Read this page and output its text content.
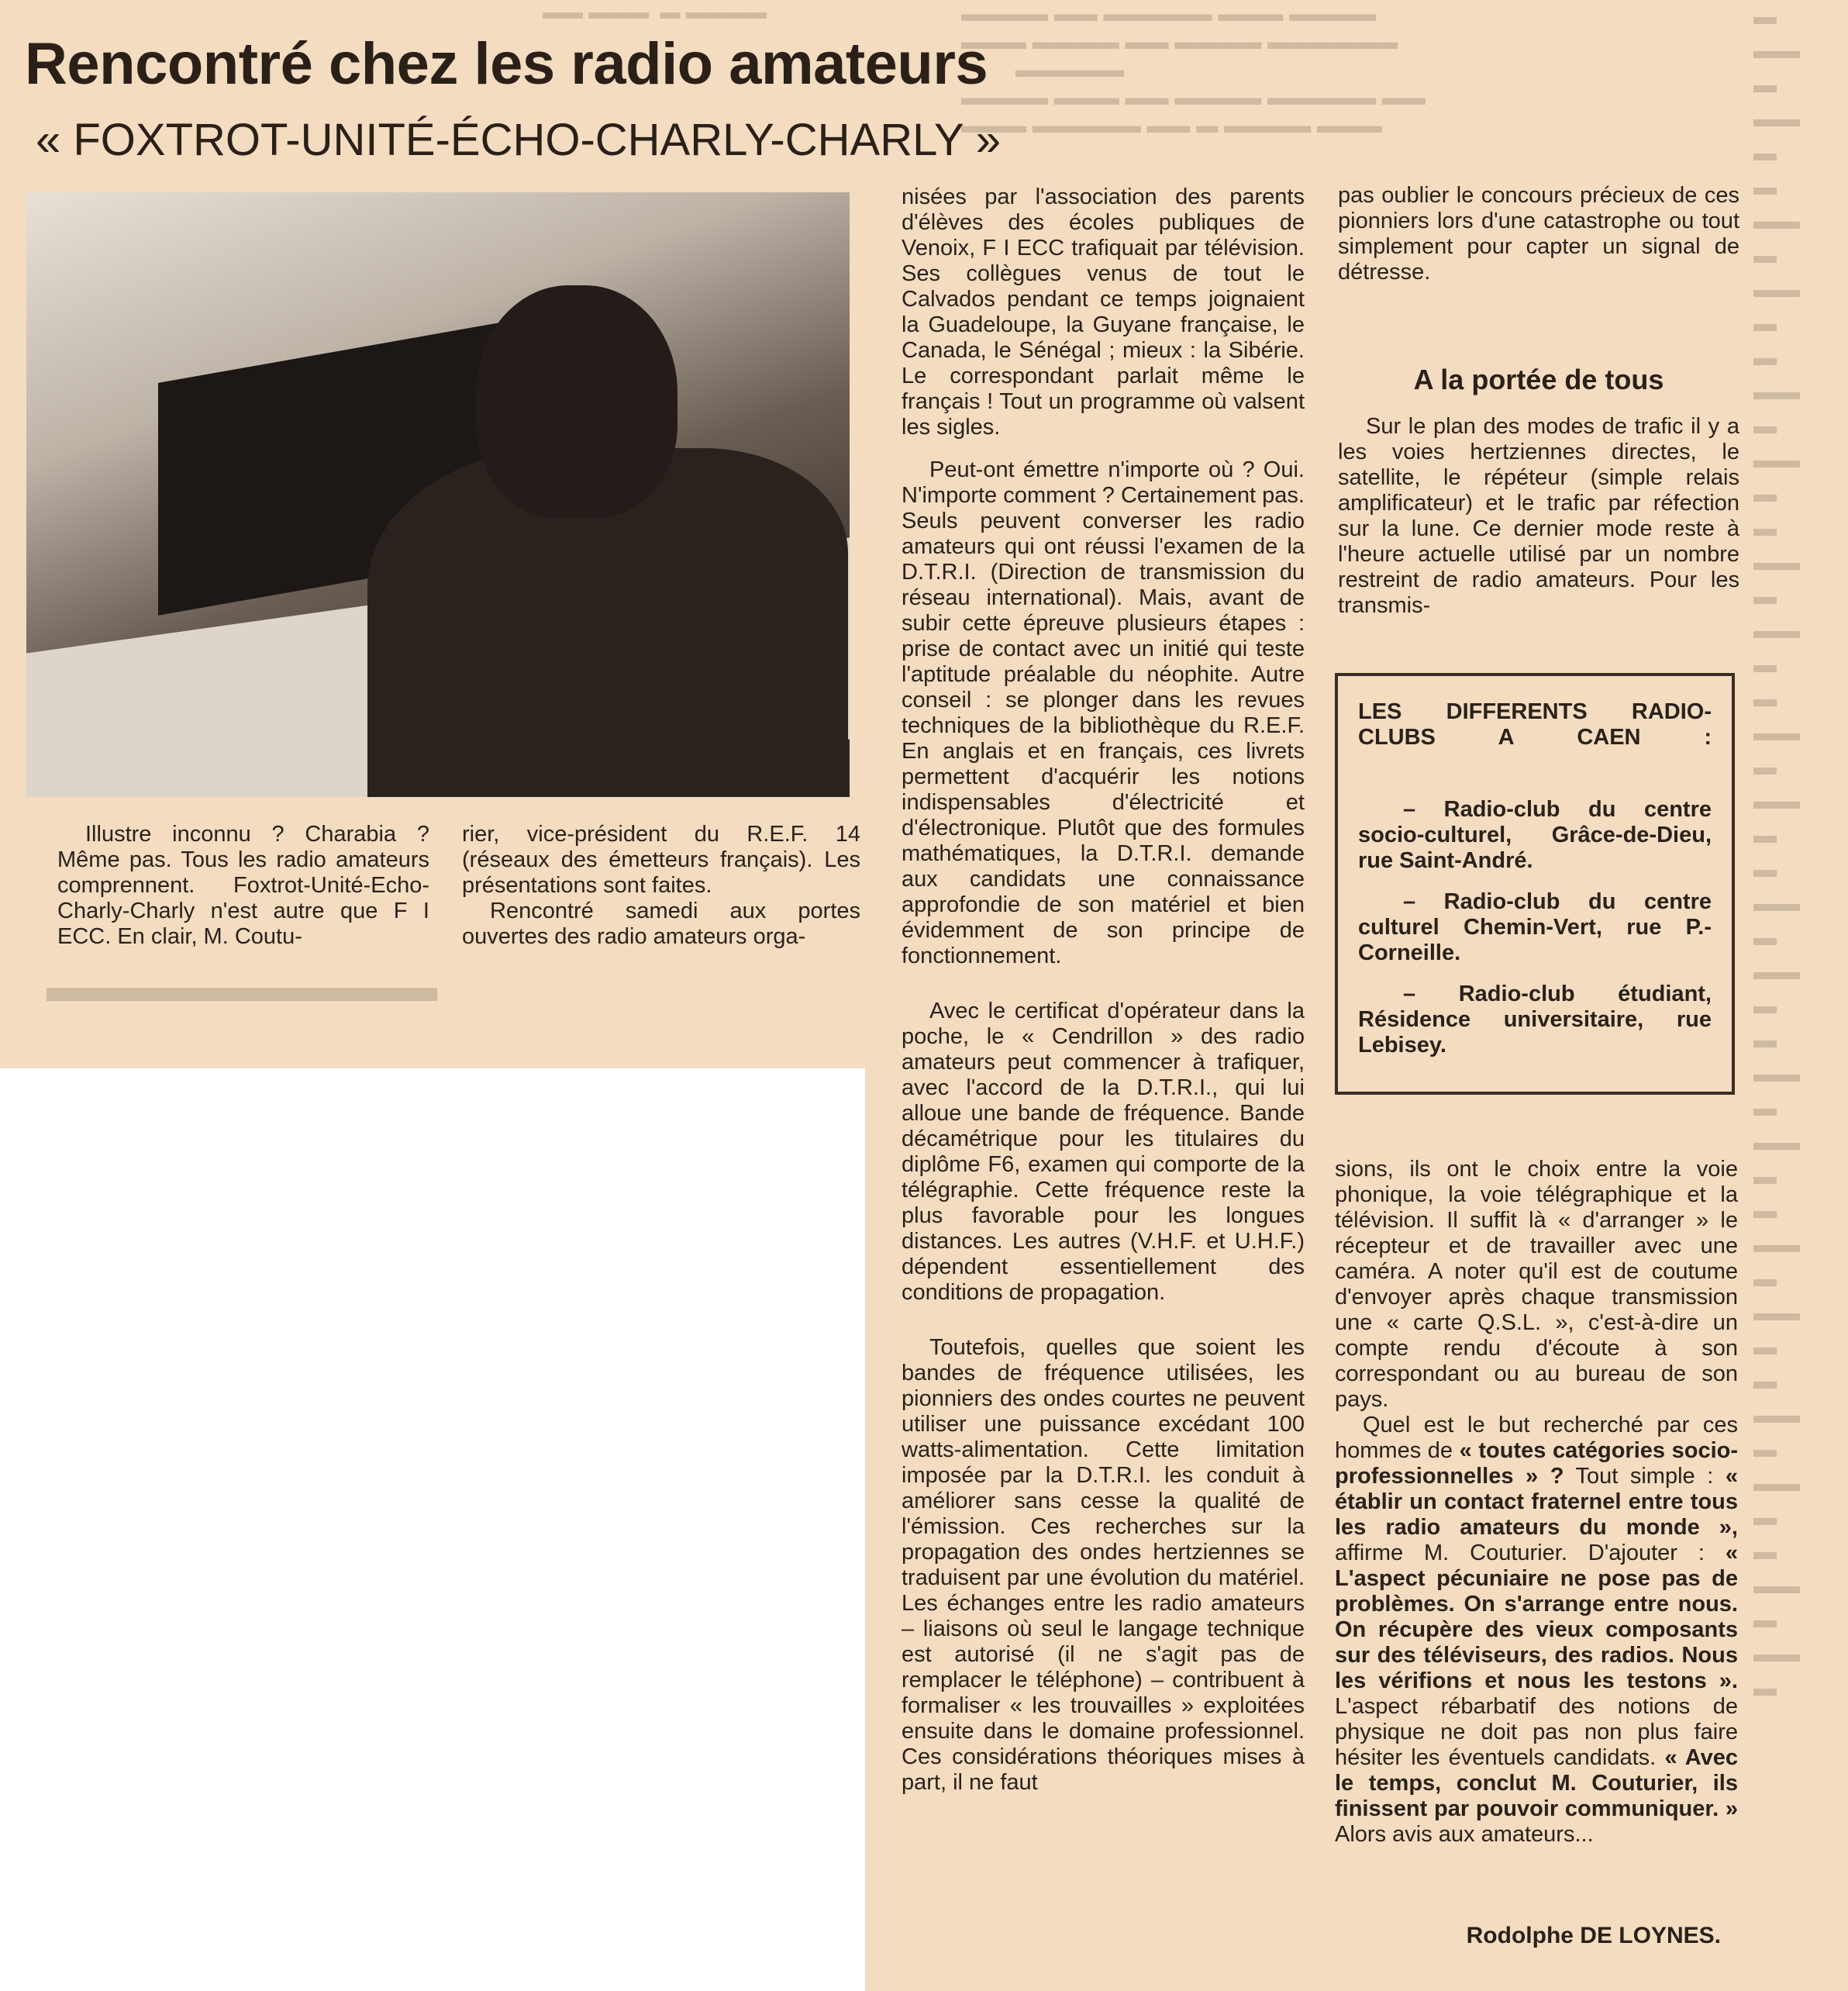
▬▬ ▬▬▬  ▬ ▬▬▬▬	▬▬▬▬ ▬▬ ▬▬▬▬▬ ▬▬▬ ▬▬▬▬
▬▬▬ ▬▬▬▬ ▬▬ ▬▬▬▬ ▬▬▬▬▬▬
▬▬▬▬▬
▬▬▬▬ ▬▬▬ ▬▬ ▬▬▬▬ ▬▬▬▬▬ ▬▬
▬▬▬ ▬▬▬▬▬ ▬▬ ▬ ▬▬▬▬ ▬▬▬
▬
▬▬
▬
▬▬
▬
▬
▬▬
▬
▬▬
▬
▬
▬▬
▬
▬▬
▬
▬
▬▬
▬
▬▬
▬
▬
▬▬
▬
▬▬
▬
▬
▬▬
▬
▬▬
▬
▬
▬▬
▬
▬▬
▬
▬
▬▬
▬
▬▬
▬
▬
▬▬
▬
▬▬
▬
▬
▬▬
▬
▬▬
▬
▬▬▬▬▬▬▬▬▬
Rencontré chez les radio amateurs
« FOXTROT-UNITÉ-ÉCHO-CHARLY-CHARLY »

Illustre inconnu ? Charabia ? Même pas. Tous les radio amateurs comprennent. Foxtrot-Unité-Echo-Charly-Charly n'est autre que F I ECC. En clair, M. Coutu-

rier, vice-président du R.E.F. 14 (réseaux des émetteurs français). Les présentations sont faites.

Rencontré samedi aux portes ouvertes des radio amateurs orga-

nisées par l'association des parents d'élèves des écoles publiques de Venoix, F I ECC trafiquait par télévision. Ses collègues venus de tout le Calvados pendant ce temps joignaient la Guadeloupe, la Guyane française, le Canada, le Sénégal ; mieux : la Sibérie. Le correspondant parlait même le français ! Tout un programme où valsent les sigles.

Peut-ont émettre n'importe où ? Oui. N'importe comment ? Certainement pas. Seuls peuvent converser les radio amateurs qui ont réussi l'examen de la D.T.R.I. (Direction de transmission du réseau international). Mais, avant de subir cette épreuve plusieurs étapes : prise de contact avec un initié qui teste l'aptitude préalable du néophite. Autre conseil : se plonger dans les revues techniques de la bibliothèque du R.E.F. En anglais et en français, ces livrets permettent d'acquérir les notions indispensables d'électricité et d'électronique. Plutôt que des formules mathématiques, la D.T.R.I. demande aux candidats une connaissance approfondie de son matériel et bien évidemment de son principe de fonctionnement.

Avec le certificat d'opérateur dans la poche, le « Cendrillon » des radio amateurs peut commencer à trafiquer, avec l'accord de la D.T.R.I., qui lui alloue une bande de fréquence. Bande décamétrique pour les titulaires du diplôme F6, examen qui comporte de la télégraphie. Cette fréquence reste la plus favorable pour les longues distances. Les autres (V.H.F. et U.H.F.) dépendent essentiellement des conditions de propagation.

Toutefois, quelles que soient les bandes de fréquence utilisées, les pionniers des ondes courtes ne peuvent utiliser une puissance excédant 100 watts-alimentation. Cette limitation imposée par la D.T.R.I. les conduit à améliorer sans cesse la qualité de l'émission. Ces recherches sur la propagation des ondes hertziennes se traduisent par une évolution du matériel. Les échanges entre les radio amateurs – liaisons où seul le langage technique est autorisé (il ne s'agit pas de remplacer le téléphone) – contribuent à formaliser « les trouvailles » exploitées ensuite dans le domaine professionnel. Ces considérations théoriques mises à part, il ne faut

pas oublier le concours précieux de ces pionniers lors d'une catastrophe ou tout simplement pour capter un signal de détresse.

A la portée de tous

Sur le plan des modes de trafic il y a les voies hertziennes directes, le satellite, le répéteur (simple relais amplificateur) et le trafic par réfection sur la lune. Ce dernier mode reste à l'heure actuelle utilisé par un nombre restreint de radio amateurs. Pour les transmis-

LES DIFFERENTS RADIO-CLUBS A CAEN :

– Radio-club du centre socio-culturel, Grâce-de-Dieu, rue Saint-André.

– Radio-club du centre culturel Chemin-Vert, rue P.-Corneille.

– Radio-club étudiant, Résidence universitaire, rue Lebisey.

sions, ils ont le choix entre la voie phonique, la voie télégraphique et la télévision. Il suffit là « d'arranger » le récepteur et de travailler avec une caméra. A noter qu'il est de coutume d'envoyer après chaque transmission une « carte Q.S.L. », c'est-à-dire un compte rendu d'écoute à son correspondant ou au bureau de son pays.

Quel est le but recherché par ces hommes de « toutes catégories socio-professionnelles » ? Tout simple : « établir un contact fraternel entre tous les radio amateurs du monde », affirme M. Couturier. D'ajouter : « L'aspect pécuniaire ne pose pas de problèmes. On s'arrange entre nous. On récupère des vieux composants sur des téléviseurs, des radios. Nous les vérifions et nous les testons ». L'aspect rébarbatif des notions de physique ne doit pas non plus faire hésiter les éventuels candidats. « Avec le temps, conclut M. Couturier, ils finissent par pouvoir communiquer. » Alors avis aux amateurs...

Rodolphe DE LOYNES.
